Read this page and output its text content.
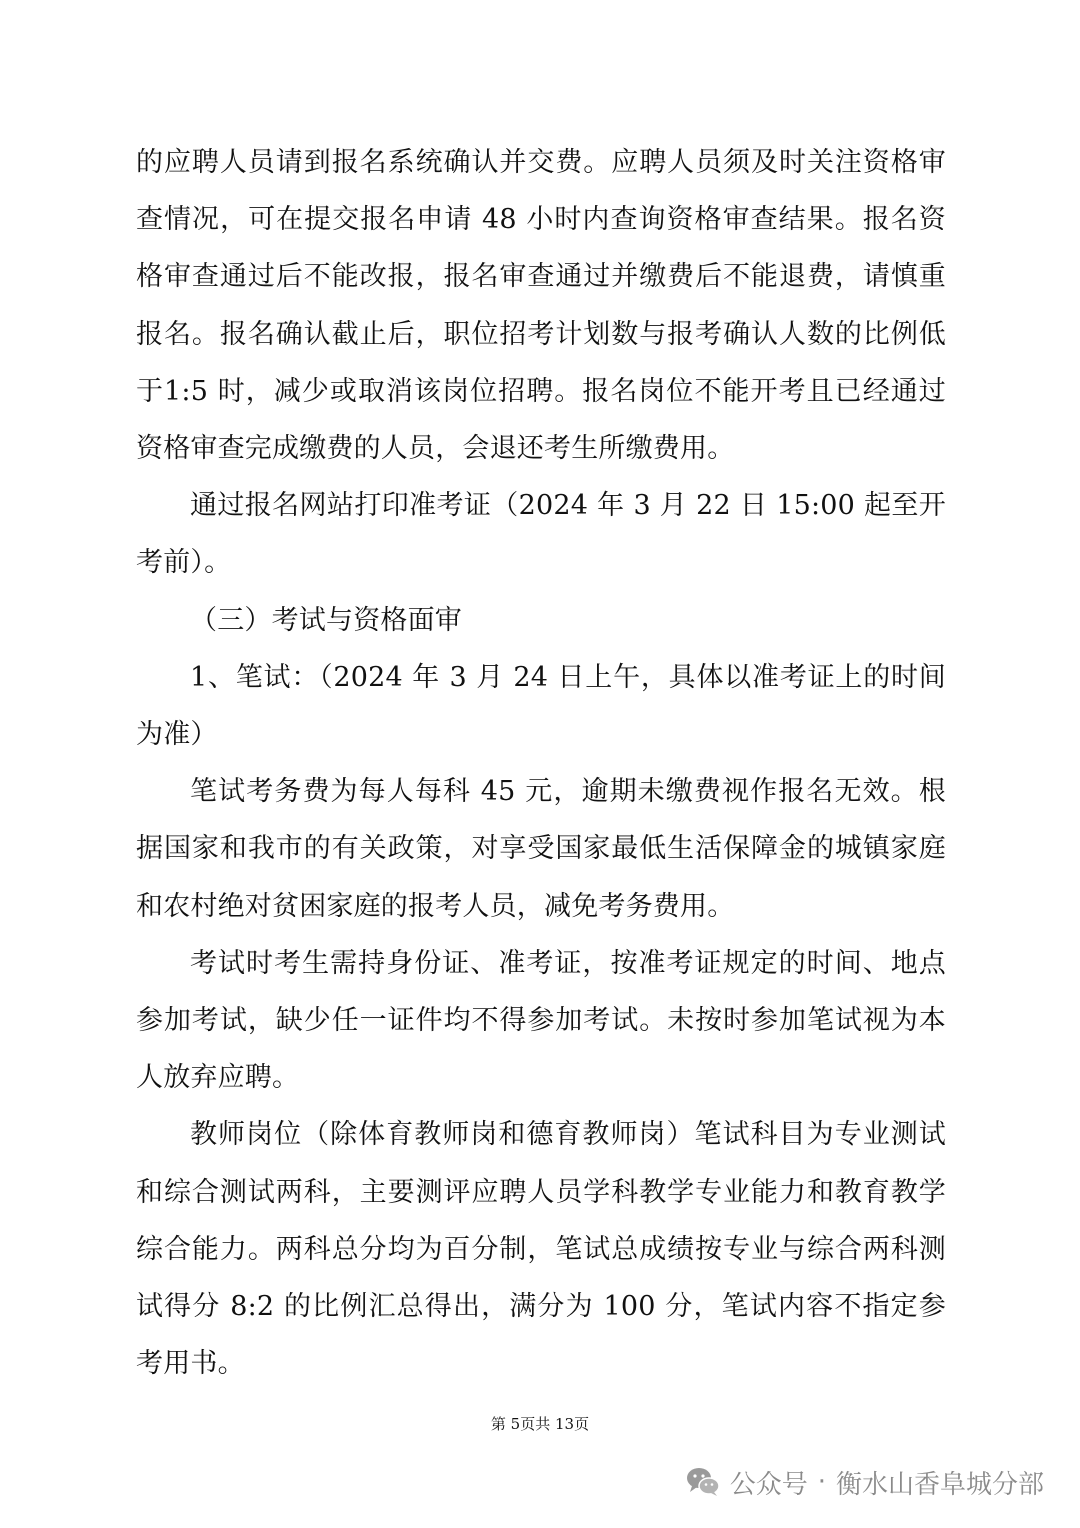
的应聘人员请到报名系统确认并交费。应聘人员须及时关注资格审查情况，可在提交报名申请 48 小时内查询资格审查结果。报名资格审查通过后不能改报，报名审查通过并缴费后不能退费，请慎重报名。报名确认截止后，职位招考计划数与报考确认人数的比例低于1:5 时，减少或取消该岗位招聘。报名岗位不能开考且已经通过资格审查完成缴费的人员，会退还考生所缴费用。

通过报名网站打印准考证（2024 年 3 月 22 日 15:00 起至开考前）。

（三）考试与资格面审

1、笔试：（2024 年 3 月 24 日上午，具体以准考证上的时间为准）

笔试考务费为每人每科 45 元，逾期未缴费视作报名无效。根据国家和我市的有关政策，对享受国家最低生活保障金的城镇家庭和农村绝对贫困家庭的报考人员，减免考务费用。

考试时考生需持身份证、准考证，按准考证规定的时间、地点参加考试，缺少任一证件均不得参加考试。未按时参加笔试视为本人放弃应聘。

教师岗位（除体育教师岗和德育教师岗）笔试科目为专业测试和综合测试两科，主要测评应聘人员学科教学专业能力和教育教学综合能力。两科总分均为百分制，笔试总成绩按专业与综合两科测试得分 8:2 的比例汇总得出，满分为 100 分，笔试内容不指定参考用书。

第 5页共 13页
公众号 · 衡水山香阜城分部
